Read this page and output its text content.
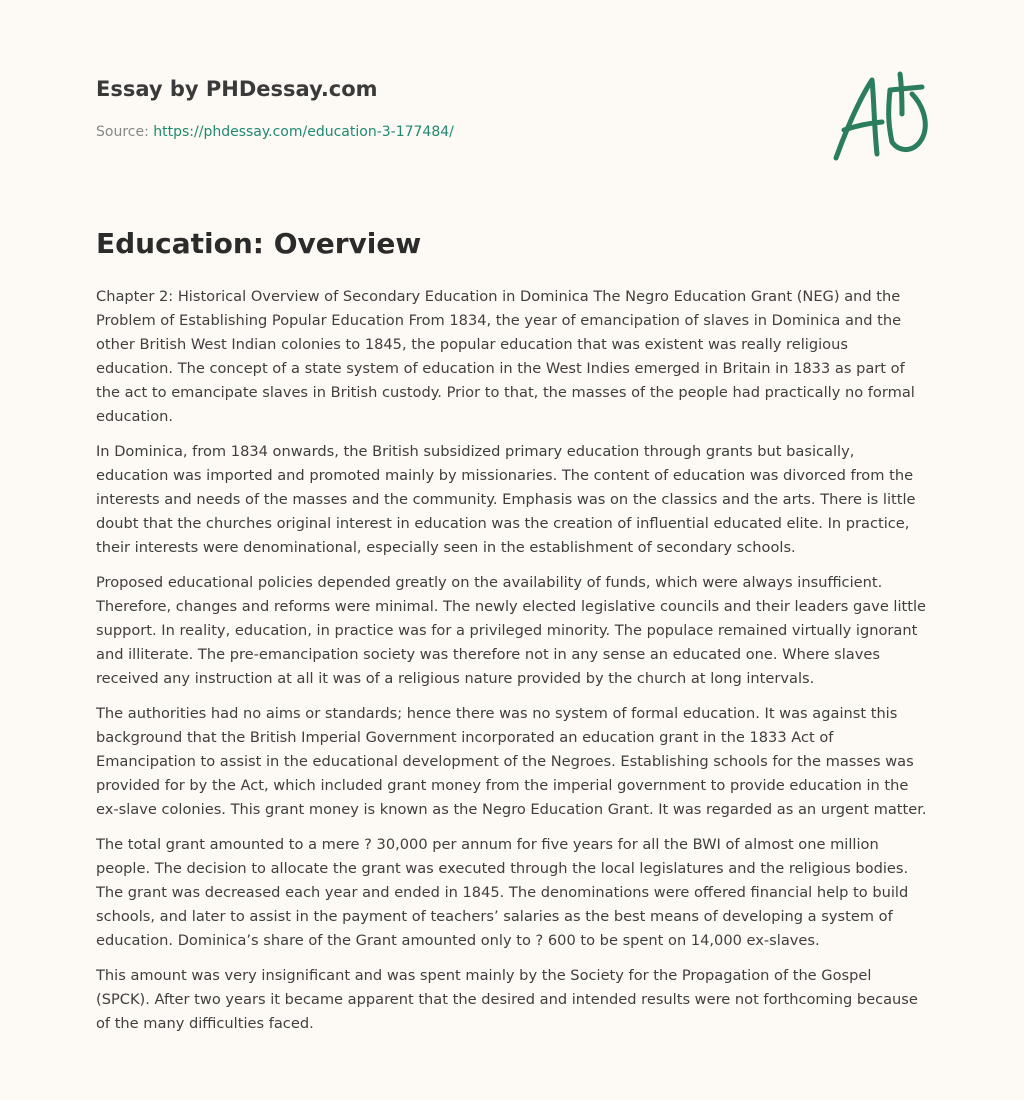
Essay by PHDessay.com
Source: https://phdessay.com/education-3-177484/
Education: Overview

Chapter 2: Historical Overview of Secondary Education in Dominica The Negro Education Grant (NEG) and the Problem of Establishing Popular Education From 1834, the year of emancipation of slaves in Dominica and the other British West Indian colonies to 1845, the popular education that was existent was really religious education. The concept of a state system of education in the West Indies emerged in Britain in 1833 as part of the act to emancipate slaves in British custody. Prior to that, the masses of the people had practically no formal education.

In Dominica, from 1834 onwards, the British subsidized primary education through grants but basically, education was imported and promoted mainly by missionaries. The content of education was divorced from the interests and needs of the masses and the community. Emphasis was on the classics and the arts. There is little doubt that the churches original interest in education was the creation of influential educated elite. In practice, their interests were denominational, especially seen in the establishment of secondary schools.

Proposed educational policies depended greatly on the availability of funds, which were always insufficient. Therefore, changes and reforms were minimal. The newly elected legislative councils and their leaders gave little support. In reality, education, in practice was for a privileged minority. The populace remained virtually ignorant and illiterate. The pre-emancipation society was therefore not in any sense an educated one. Where slaves received any instruction at all it was of a religious nature provided by the church at long intervals.

The authorities had no aims or standards; hence there was no system of formal education. It was against this background that the British Imperial Government incorporated an education grant in the 1833 Act of Emancipation to assist in the educational development of the Negroes. Establishing schools for the masses was provided for by the Act, which included grant money from the imperial government to provide education in the ex-slave colonies. This grant money is known as the Negro Education Grant. It was regarded as an urgent matter.

The total grant amounted to a mere ? 30,000 per annum for five years for all the BWI of almost one million people. The decision to allocate the grant was executed through the local legislatures and the religious bodies. The grant was decreased each year and ended in 1845. The denominations were offered financial help to build schools, and later to assist in the payment of teachers’ salaries as the best means of developing a system of education. Dominica’s share of the Grant amounted only to ? 600 to be spent on 14,000 ex-slaves.

This amount was very insignificant and was spent mainly by the Society for the Propagation of the Gospel (SPCK). After two years it became apparent that the desired and intended results were not forthcoming because of the many difficulties faced.
